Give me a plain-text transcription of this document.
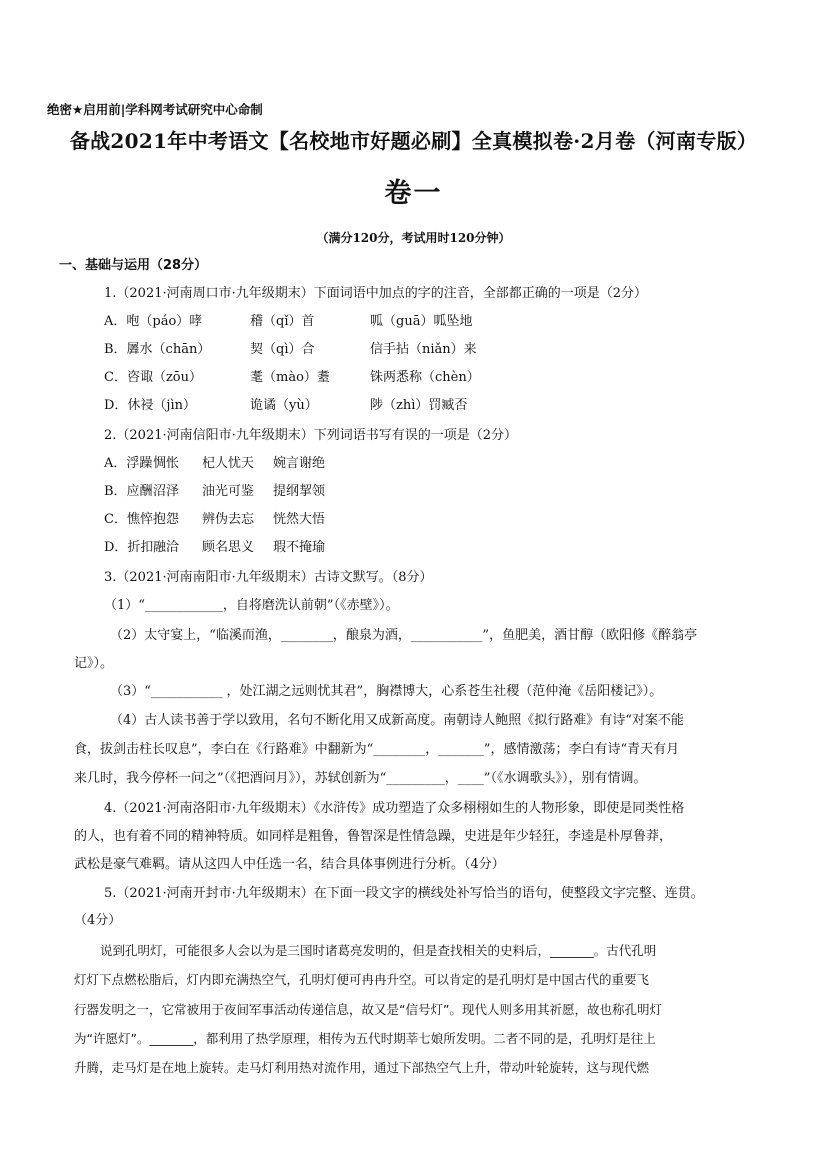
绝密★启用前|学科网考试研究中心命制
备战2021年中考语文【名校地市好题必刷】全真模拟卷·2月卷（河南专版）
卷一
（满分120分，考试用时120分钟）
一、基础与运用（28分）
1.（2021·河南周口市·九年级期末）下面词语中加点的字的注音，全部都正确的一项是（2分）
A．咆（páo）哮	稽（qǐ）首	呱（guā）呱坠地
B．羼水（chān）	契（qì）合	信手拈（niǎn）来
C．咨诹（zōu）	耄（mào）耋	铢两悉称（chèn）
D．休祲（jìn）	诡谲（yù）	陟（zhì）罚臧否
2.（2021·河南信阳市·九年级期末）下列词语书写有误的一项是（2分）
A．浮躁惆怅 杞人忧天 婉言谢绝
B．应酬沼泽 油光可鉴 提纲挈领
C．憔悴抱怨 辨伪去忘 恍然大悟
D．折扣融洽 顾名思义 瑕不掩瑜
3.（2021·河南南阳市·九年级期末）古诗文默写。（8分）
（1）“____________，自将磨洗认前朝”（《赤壁》）。
（2）太守宴上，“临溪而渔，________，酿泉为酒，___________”，鱼肥美，酒甘醇（欧阳修《醉翁亭
记》）。
（3）“___________ ，处江湖之远则忧其君”，胸襟博大，心系苍生社稷（范仲淹《岳阳楼记》）。
（4）古人读书善于学以致用，名句不断化用又成新高度。南朝诗人鲍照《拟行路难》有诗“对案不能
食，拔剑击柱长叹息”，李白在《行路难》中翻新为“________，_______”，感情激荡；李白有诗“青天有月
来几时，我今停杯一问之”（《把酒问月》），苏轼创新为“_________，____”（《水调歌头》），别有情调。
4.（2021·河南洛阳市·九年级期末）《水浒传》成功塑造了众多栩栩如生的人物形象，即使是同类性格
的人，也有着不同的精神特质。如同样是粗鲁，鲁智深是性情急躁，史进是年少轻狂，李逵是朴厚鲁莽，
武松是豪气难羁。请从这四人中任选一名，结合具体事例进行分析。（4分）
5.（2021·河南开封市·九年级期末）在下面一段文字的横线处补写恰当的语句，使整段文字完整、连贯。
（4分）
说到孔明灯，可能很多人会以为是三国时诸葛亮发明的，但是查找相关的史料后，_______。古代孔明
灯灯下点燃松脂后，灯内即充满热空气，孔明灯便可冉冉升空。可以肯定的是孔明灯是中国古代的重要飞
行器发明之一，它常被用于夜间军事活动传递信息，故又是“信号灯”。现代人则多用其祈愿，故也称孔明灯
为“许愿灯”。_______，都利用了热学原理，相传为五代时期莘七娘所发明。二者不同的是，孔明灯是往上
升腾，走马灯是在地上旋转。走马灯利用热对流作用，通过下部热空气上升，带动叶轮旋转，这与现代燃
